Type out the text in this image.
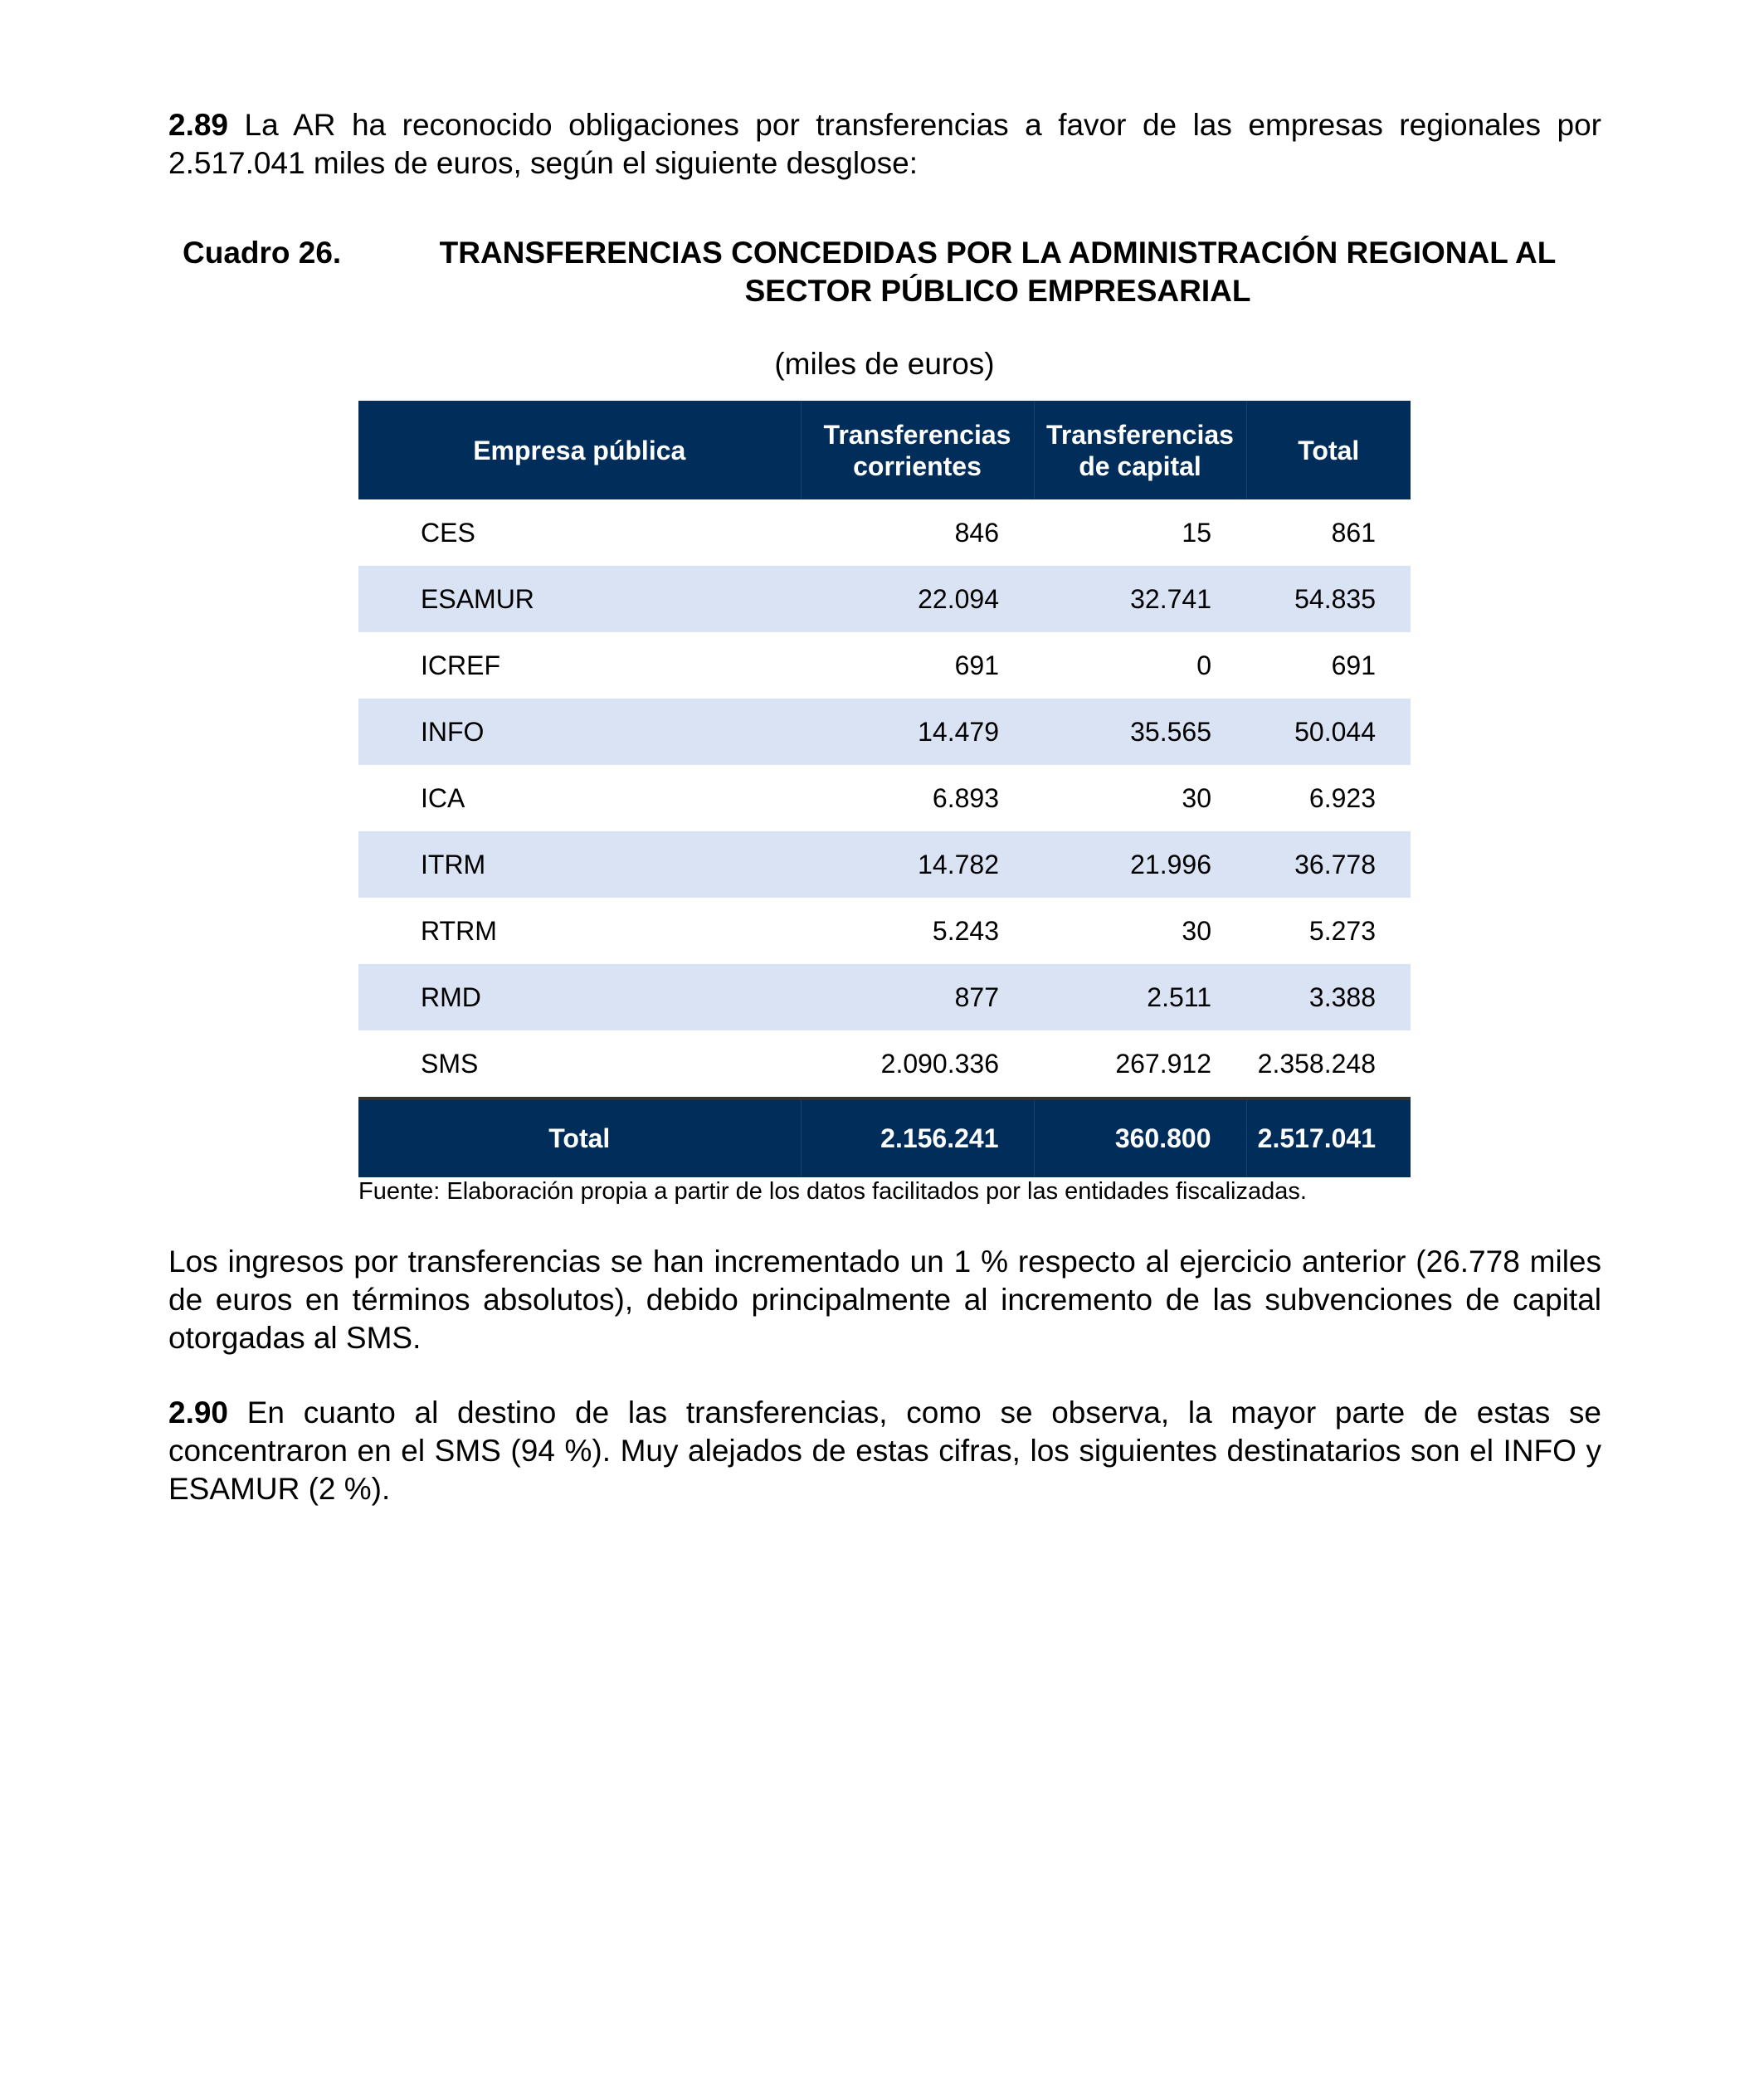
2.89 La AR ha reconocido obligaciones por transferencias a favor de las empresas regionales por 2.517.041 miles de euros, según el siguiente desglose:

Cuadro 26.	TRANSFERENCIAS CONCEDIDAS POR LA ADMINISTRACIÓN REGIONAL AL SECTOR PÚBLICO EMPRESARIAL
(miles de euros)
Empresa pública	Transferencias corrientes	Transferencias de capital	Total
CES	846	15	861
ESAMUR	22.094	32.741	54.835
ICREF	691	0	691
INFO	14.479	35.565	50.044
ICA	6.893	30	6.923
ITRM	14.782	21.996	36.778
RTRM	5.243	30	5.273
RMD	877	2.511	3.388
SMS	2.090.336	267.912	2.358.248
Total	2.156.241	360.800	2.517.041
Fuente: Elaboración propia a partir de los datos facilitados por las entidades fiscalizadas.

Los ingresos por transferencias se han incrementado un 1 % respecto al ejercicio anterior (26.778 miles de euros en términos absolutos), debido principalmente al incremento de las subvenciones de capital otorgadas al SMS.

2.90 En cuanto al destino de las transferencias, como se observa, la mayor parte de estas se concentraron en el SMS (94 %). Muy alejados de estas cifras, los siguientes destinatarios son el INFO y ESAMUR (2 %).
